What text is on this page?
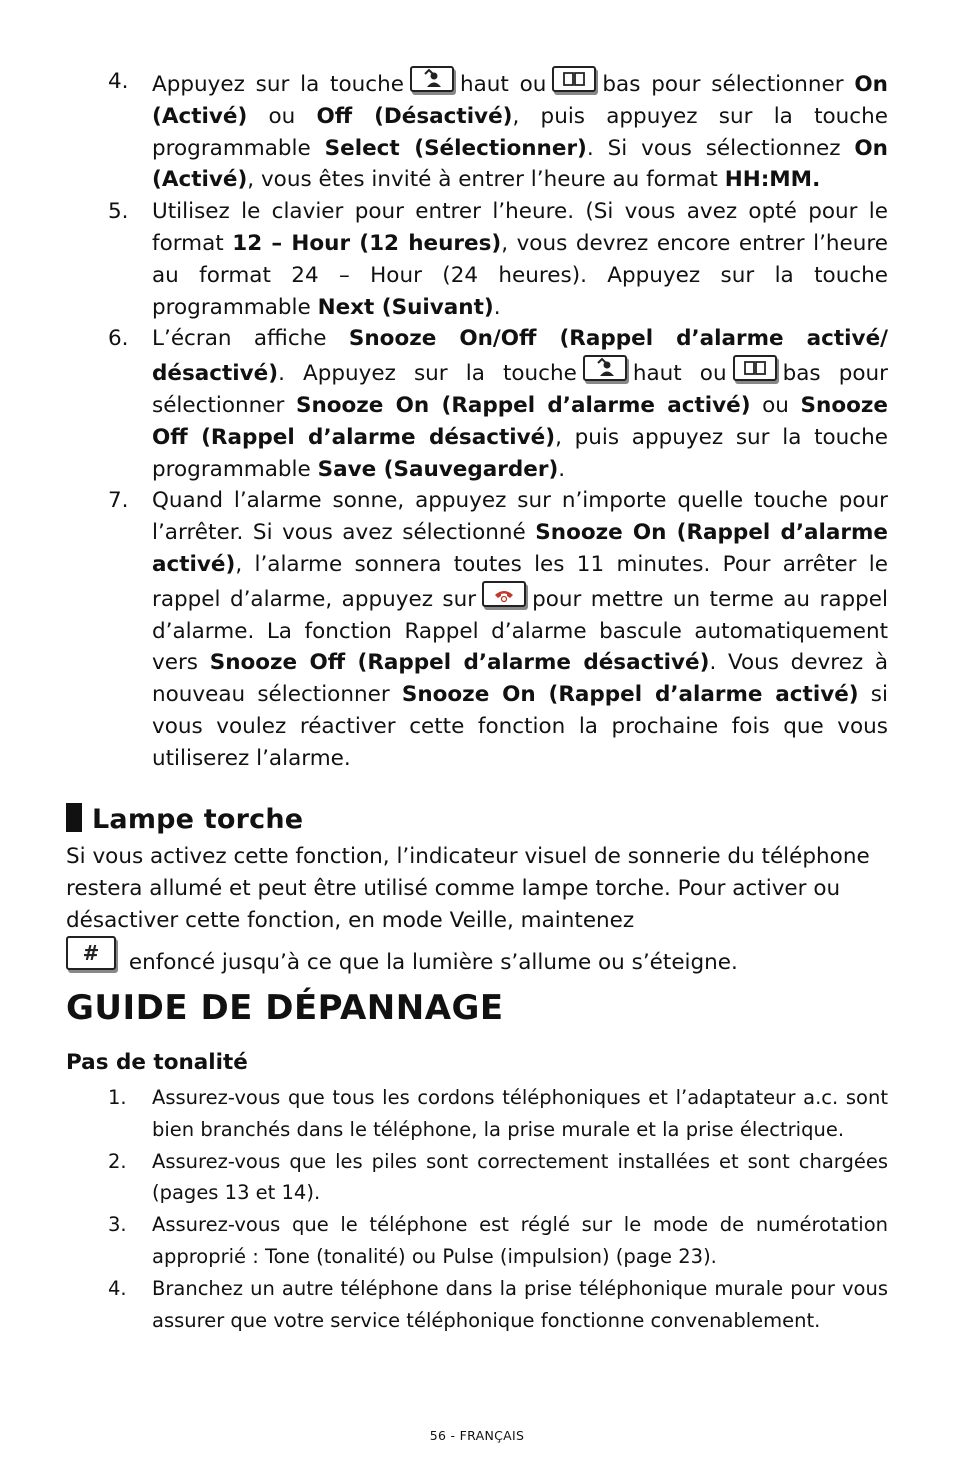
4. Appuyez sur la touche	haut ou	bas pour sélectionner On (Activé) ou Off (Désactivé), puis appuyez sur la touche programmable Select (Sélectionner). Si vous sélectionnez On (Activé), vous êtes invité à entrer l’heure au format HH:MM.
5. Utilisez le clavier pour entrer l’heure. (Si vous avez opté pour le format 12 – Hour (12 heures), vous devrez encore entrer l’heure au format 24 – Hour (24 heures). Appuyez sur la touche programmable Next (Suivant).
6. L’écran affiche Snooze On/Off (Rappel d’alarme activé/ désactivé). Appuyez sur la touche	haut ou	bas pour sélectionner Snooze On (Rappel d’alarme activé) ou Snooze Off (Rappel d’alarme désactivé), puis appuyez sur la touche programmable Save (Sauvegarder).
7. Quand l’alarme sonne, appuyez sur n’importe quelle touche pour l’arrêter. Si vous avez sélectionné Snooze On (Rappel d’alarme activé), l’alarme sonnera toutes les 11 minutes. Pour arrêter le rappel d’alarme, appuyez sur	pour mettre un terme au rappel d’alarme. La fonction Rappel d’alarme bascule automatiquement vers Snooze Off (Rappel d’alarme désactivé). Vous devrez à nouveau sélectionner Snooze On (Rappel d’alarme activé) si vous voulez réactiver cette fonction la prochaine fois que vous utiliserez l’alarme.
Lampe torche

Si vous activez cette fonction, l’indicateur visuel de sonnerie du téléphone restera allumé et peut être utilisé comme lampe torche. Pour activer ou désactiver cette fonction, en mode Veille, maintenez

# enfoncé jusqu’à ce que la lumière s’allume ou s’éteigne.

GUIDE DE DÉPANNAGE
Pas de tonalité
1. Assurez-vous que tous les cordons téléphoniques et l’adaptateur a.c. sont bien branchés dans le téléphone, la prise murale et la prise électrique.
2. Assurez-vous que les piles sont correctement installées et sont chargées (pages 13 et 14).
3. Assurez-vous que le téléphone est réglé sur le mode de numérotation approprié : Tone (tonalité) ou Pulse (impulsion) (page 23).
4. Branchez un autre téléphone dans la prise téléphonique murale pour vous assurer que votre service téléphonique fonctionne convenablement.
56 - FRANÇAIS
